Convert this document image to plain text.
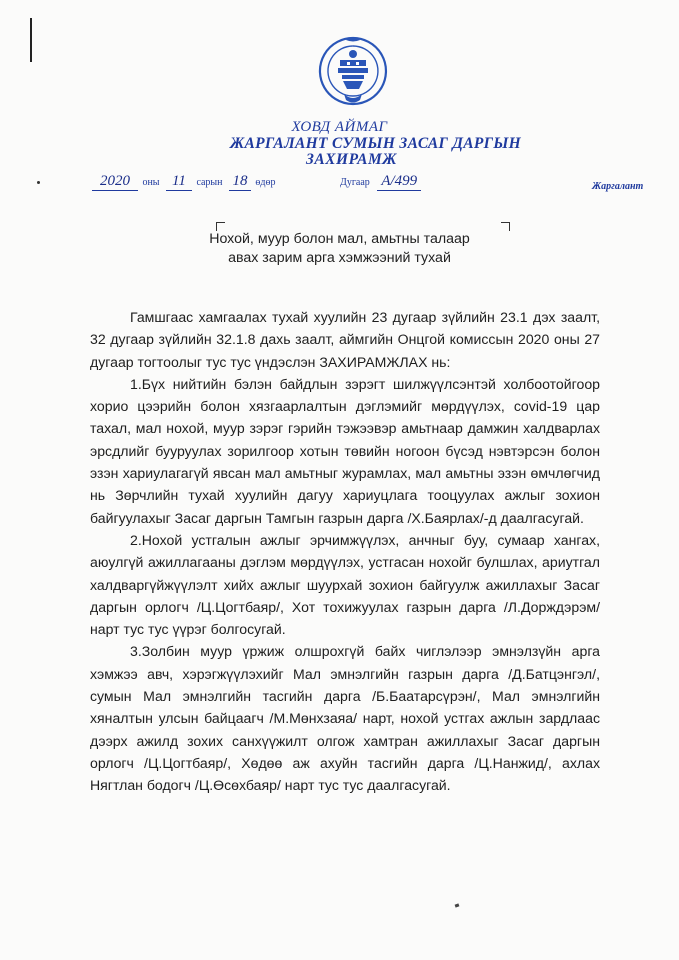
ХОВД АЙМАГ
ЖАРГАЛАНТ СУМЫН ЗАСАГ ДАРГЫН
ЗАХИРАМЖ
2020 оны 11 сарын 18 өдөр	Дугаар А/499	Жаргалант
Нохой, муур болон мал, амьтны талаар
авах зарим арга хэмжээний тухай

Гамшгаас хамгаалах тухай хуулийн 23 дугаар зүйлийн 23.1 дэх заалт, 32 дугаар зүйлийн 32.1.8 дахь заалт, аймгийн Онцгой комиссын 2020 оны 27 дугаар тогтоолыг тус тус үндэслэн ЗАХИРАМЖЛАХ нь:

1.Бүх нийтийн бэлэн байдлын зэрэгт шилжүүлсэнтэй холбоотойгоор хорио цээрийн болон хязгаарлалтын дэглэмийг мөрдүүлэх, covid-19 цар тахал, мал нохой, муур зэрэг гэрийн тэжээвэр амьтнаар дамжин халдварлах эрсдлийг бууруулах зорилгоор хотын төвийн ногоон бүсэд нэвтэрсэн болон эзэн хариулагагүй явсан мал амьтныг журамлах, мал амьтны эзэн өмчлөгчид нь Зөрчлийн тухай хуулийн дагуу хариуцлага тооцуулах ажлыг зохион байгуулахыг Засаг даргын Тамгын газрын дарга /Х.Баярлах/-д даалгасугай.

2.Нохой устгалын ажлыг эрчимжүүлэх, анчныг буу, сумаар хангах, аюулгүй ажиллагааны дэглэм мөрдүүлэх, устгасан нохойг булшлах, ариутгал халдваргүйжүүлэлт хийх ажлыг шуурхай зохион байгуулж ажиллахыг Засаг даргын орлогч /Ц.Цогтбаяр/, Хот тохижуулах газрын дарга /Л.Дорждэрэм/ нарт тус тус үүрэг болгосугай.

3.Золбин муур үржиж олшрохгүй байх чиглэлээр эмнэлзүйн арга хэмжээ авч, хэрэгжүүлэхийг Мал эмнэлгийн газрын дарга /Д.Батцэнгэл/, сумын Мал эмнэлгийн тасгийн дарга /Б.Баатарсүрэн/, Мал эмнэлгийн хяналтын улсын байцаагч /М.Мөнхзаяа/ нарт, нохой устгах ажлын зардлаас дээрх ажилд зохих санхүүжилт олгож хамтран ажиллахыг Засаг даргын орлогч /Ц.Цогтбаяр/, Хөдөө аж ахуйн тасгийн дарга /Ц.Нанжид/, ахлах Нягтлан бодогч /Ц.Өсөхбаяр/ нарт тус тус даалгасугай.
